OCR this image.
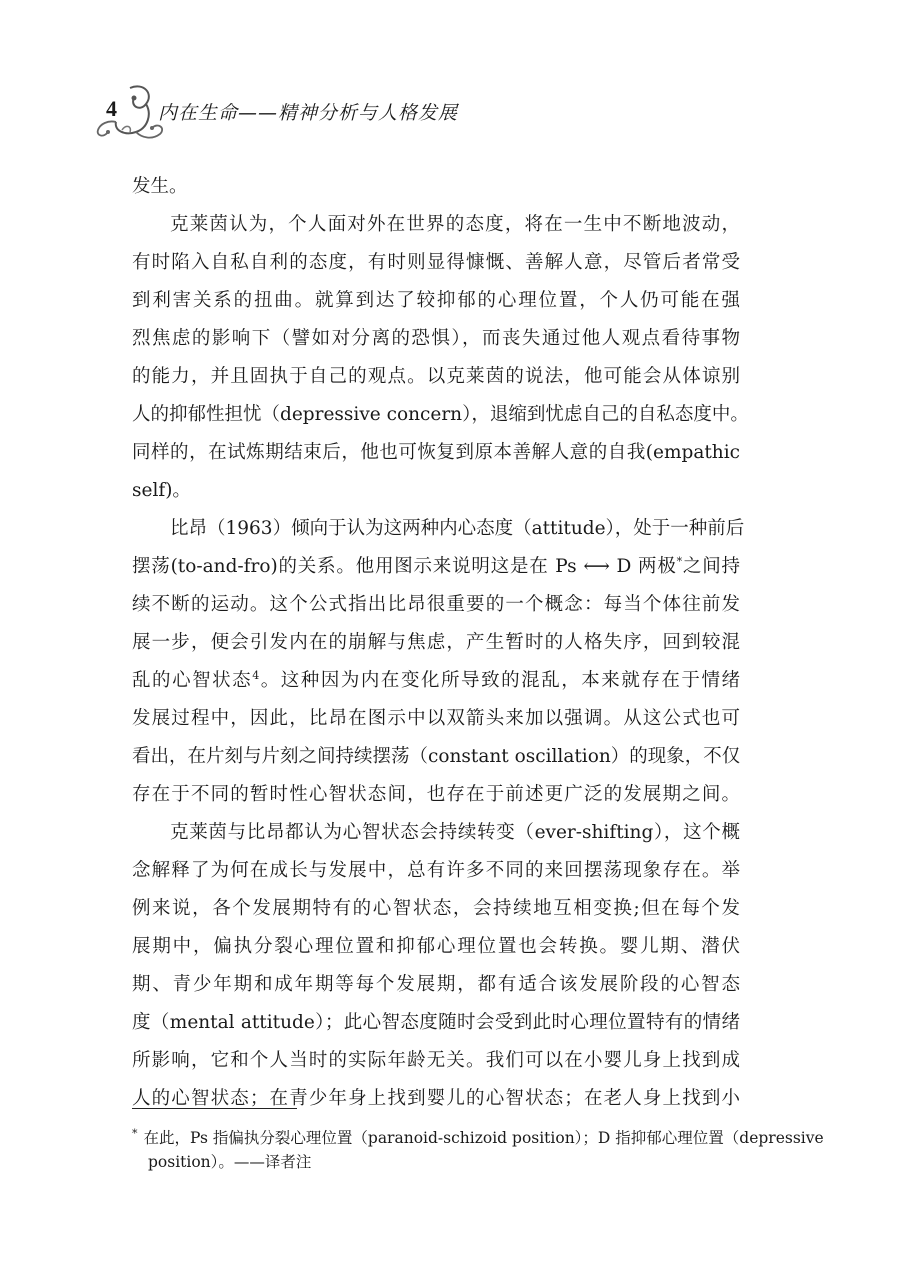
4 内在生命——精神分析与人格发展
发生。
克莱茵认为，个人面对外在世界的态度，将在一生中不断地波动，
有时陷入自私自利的态度，有时则显得慷慨、善解人意，尽管后者常受
到利害关系的扭曲。就算到达了较抑郁的心理位置，个人仍可能在强
烈焦虑的影响下（譬如对分离的恐惧），而丧失通过他人观点看待事物
的能力，并且固执于自己的观点。以克莱茵的说法，他可能会从体谅别
人的抑郁性担忧（depressive concern），退缩到忧虑自己的自私态度中。
同样的，在试炼期结束后，他也可恢复到原本善解人意的自我(empathic
self)。
比昂（1963）倾向于认为这两种内心态度（attitude），处于一种前后
摆荡(to-and-fro)的关系。他用图示来说明这是在 Ps ⟷ D 两极*之间持
续不断的运动。这个公式指出比昂很重要的一个概念：每当个体往前发
展一步，便会引发内在的崩解与焦虑，产生暂时的人格失序，回到较混
乱的心智状态$^4$。这种因为内在变化所导致的混乱，本来就存在于情绪
发展过程中，因此，比昂在图示中以双箭头来加以强调。从这公式也可
看出，在片刻与片刻之间持续摆荡（constant oscillation）的现象，不仅
存在于不同的暂时性心智状态间，也存在于前述更广泛的发展期之间。
克莱茵与比昂都认为心智状态会持续转变（ever-shifting），这个概
念解释了为何在成长与发展中，总有许多不同的来回摆荡现象存在。举
例来说，各个发展期特有的心智状态，会持续地互相变换;但在每个发
展期中，偏执分裂心理位置和抑郁心理位置也会转换。婴儿期、潜伏
期、青少年期和成年期等每个发展期，都有适合该发展阶段的心智态
度（mental attitude）；此心智态度随时会受到此时心理位置特有的情绪
所影响，它和个人当时的实际年龄无关。我们可以在小婴儿身上找到成
人的心智状态；在青少年身上找到婴儿的心智状态；在老人身上找到小
* 在此，Ps 指偏执分裂心理位置（paranoid-schizoid position）；D 指抑郁心理位置（depressive
position）。——译者注
